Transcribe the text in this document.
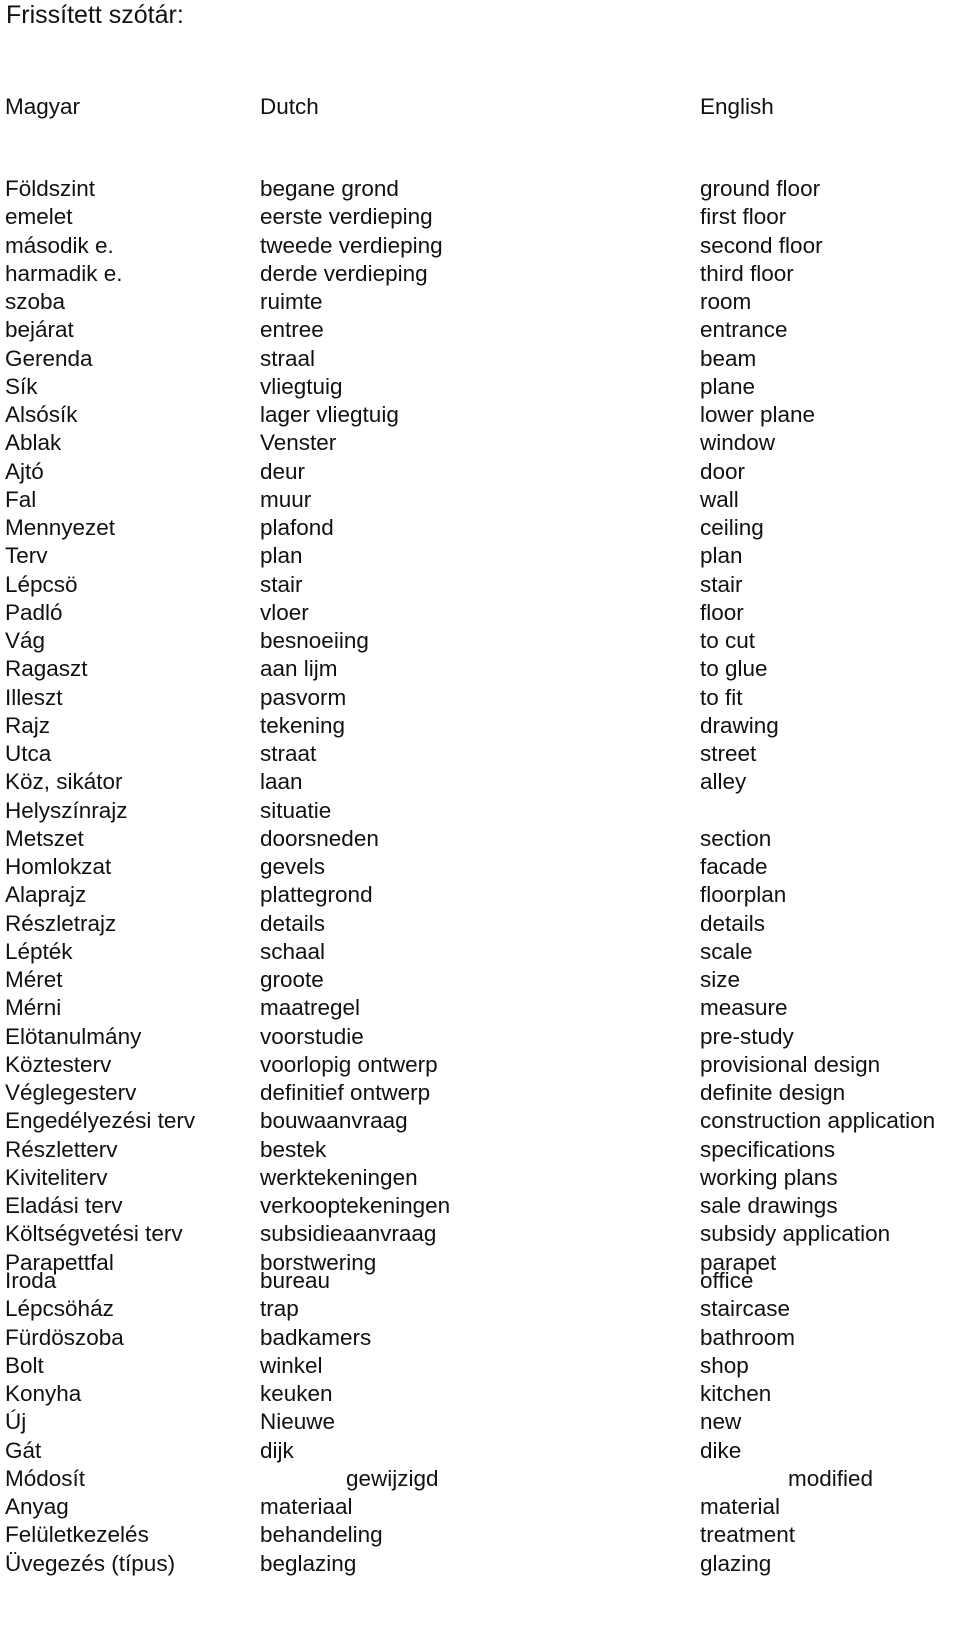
Frissített szótár:
Magyar	Dutch	English
Földszint	begane grond	ground floor
emelet	eerste verdieping	first floor
második e.	tweede verdieping	second floor
harmadik e.	derde verdieping	third floor
szoba	ruimte	room
bejárat	entree	entrance
Gerenda	straal	beam
Sík	vliegtuig	plane
Alsósík	lager vliegtuig	lower plane
Ablak	Venster	window
Ajtó	deur	door
Fal	muur	wall
Mennyezet	plafond	ceiling
Terv	plan	plan
Lépcsö	stair	stair
Padló	vloer	floor
Vág	besnoeiing	to cut
Ragaszt	aan lijm	to glue
Illeszt	pasvorm	to fit
Rajz	tekening	drawing
Utca	straat	street
Köz, sikátor	laan	alley
Helyszínrajz	situatie
Metszet	doorsneden	section
Homlokzat	gevels	facade
Alaprajz	plattegrond	floorplan
Részletrajz	details	details
Lépték	schaal	scale
Méret	groote	size
Mérni	maatregel	measure
Elötanulmány	voorstudie	pre-study
Köztesterv	voorlopig ontwerp	provisional design
Véglegesterv	definitief ontwerp	definite design
Engedélyezési terv	bouwaanvraag	construction application
Részletterv	bestek	specifications
Kiviteliterv	werktekeningen	working plans
Eladási terv	verkooptekeningen	sale drawings
Költségvetési terv	subsidieaanvraag	subsidy application
Parapettfal	borstwering	parapet
Iroda	bureau	office
Lépcsöház	trap	staircase
Fürdöszoba	badkamers	bathroom
Bolt	winkel	shop
Konyha	keuken	kitchen
Új	Nieuwe	new
Gát	dijk	dike
Módosít	gewijzigd	modified
Anyag	materiaal	material
Felületkezelés	behandeling	treatment
Üvegezés (típus)	beglazing	glazing
